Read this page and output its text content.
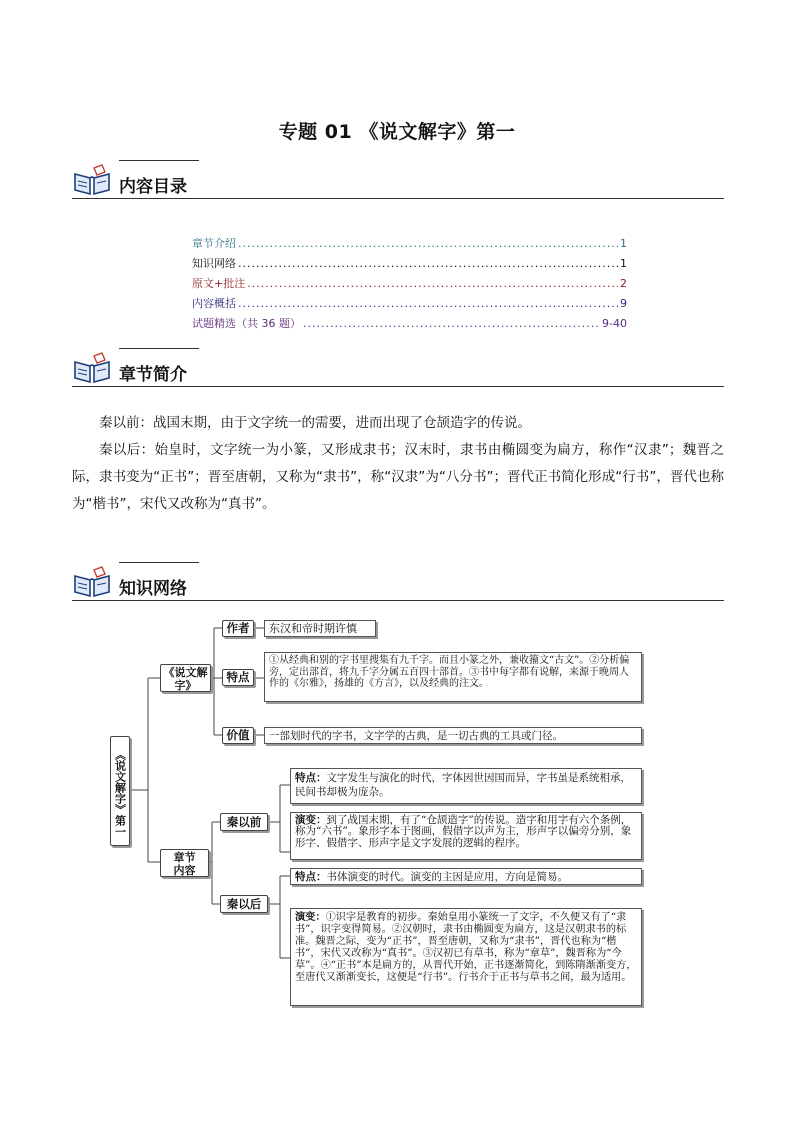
专题 01 《说文解字》第一
内容目录
章节介绍 .....	1
知识网络 .....	1
原文+批注 .....	2
内容概括 .....	9
试题精选（共 36 题） .....	9-40
章节简介

秦以前：战国末期，由于文字统一的需要，进而出现了仓颉造字的传说。

秦以后：始皇时，文字统一为小篆，又形成隶书；汉末时，隶书由椭圆变为扁方，称作“汉隶”；魏晋之际，隶书变为“正书”；晋至唐朝，又称为“隶书”，称“汉隶”为“八分书”；晋代正书简化形成“行书”，晋代也称为“楷书”，宋代又改称为“真书”。

知识网络
《说文解字》第一
《说文解字》
章节内容
作者	东汉和帝时期许慎
特点
①从经典和别的字书里搜集有九千字。而且小篆之外，兼收籀文“古文”。②分析偏旁，定出部首，将九千字分属五百四十部首。③书中每字都有说解，来源于晚周人作的《尔雅》，扬雄的《方言》，以及经典的注文。
价值	一部划时代的字书，文字学的古典，是一切古典的工具或门径。
秦以前
特点：文字发生与演化的时代，字体因世因国而异，字书虽是系统相承，民间书却极为庞杂。
演变：到了战国末期，有了“仓颉造字”的传说。造字和用字有六个条例，称为“六书”。象形字本于图画，假借字以声为主，形声字以偏旁分别，象形字、假借字、形声字是文字发展的逻辑的程序。
秦以后
特点：书体演变的时代。演变的主因是应用，方向是简易。
演变：①识字是教育的初步。秦始皇用小篆统一了文字，不久便又有了“隶书”，识字变得简易。②汉朝时，隶书由椭圆变为扁方，这是汉朝隶书的标准。魏晋之际，变为“正书”，晋至唐朝，又称为“隶书”，晋代也称为“楷书”，宋代又改称为“真书”。③汉初已有草书，称为“章草”，魏晋称为“今草”。④“正书”本是扁方的，从晋代开始，正书逐渐简化，到陈隋渐渐变方，至唐代又渐渐变长，这便是“行书”。行书介于正书与草书之间，最为适用。
